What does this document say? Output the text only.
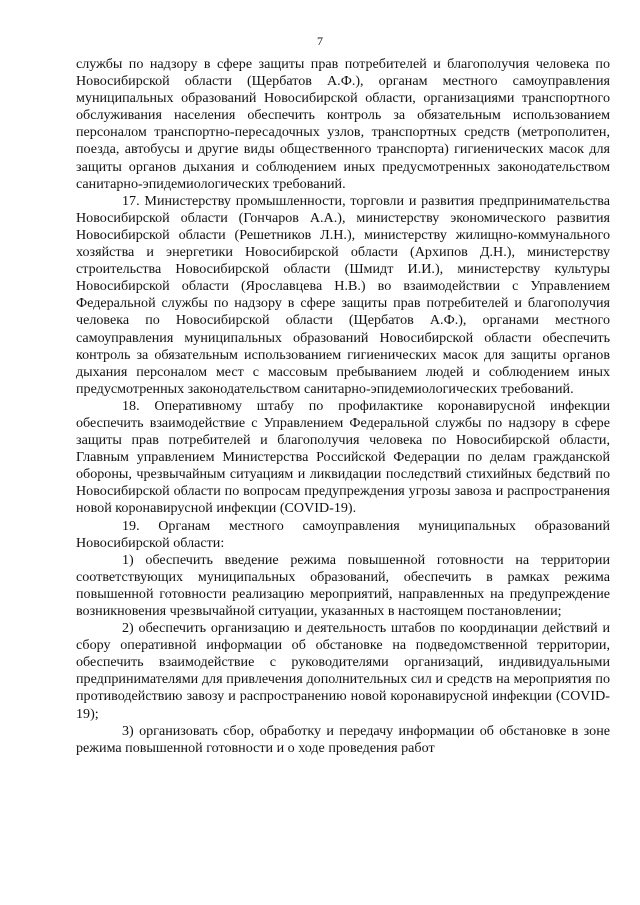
7

службы по надзору в сфере защиты прав потребителей и благополучия человека по Новосибирской области (Щербатов А.Ф.), органам местного самоуправления муниципальных образований Новосибирской области, организациями транспортного обслуживания населения обеспечить контроль за обязательным использованием персоналом транспортно-пересадочных узлов, транспортных средств (метрополитен, поезда, автобусы и другие виды общественного транспорта) гигиенических масок для защиты органов дыхания и соблюдением иных предусмотренных законодательством санитарно-эпидемиологических требований.

17. Министерству промышленности, торговли и развития предпринимательства Новосибирской области (Гончаров А.А.), министерству экономического развития Новосибирской области (Решетников Л.Н.), министерству жилищно-коммунального хозяйства и энергетики Новосибирской области (Архипов Д.Н.), министерству строительства Новосибирской области (Шмидт И.И.), министерству культуры Новосибирской области (Ярославцева Н.В.) во взаимодействии с Управлением Федеральной службы по надзору в сфере защиты прав потребителей и благополучия человека по Новосибирской области (Щербатов А.Ф.), органами местного самоуправления муниципальных образований Новосибирской области обеспечить контроль за обязательным использованием гигиенических масок для защиты органов дыхания персоналом мест с массовым пребыванием людей и соблюдением иных предусмотренных законодательством санитарно-эпидемиологических требований.

18. Оперативному штабу по профилактике коронавирусной инфекции обеспечить взаимодействие с Управлением Федеральной службы по надзору в сфере защиты прав потребителей и благополучия человека по Новосибирской области, Главным управлением Министерства Российской Федерации по делам гражданской обороны, чрезвычайным ситуациям и ликвидации последствий стихийных бедствий по Новосибирской области по вопросам предупреждения угрозы завоза и распространения новой коронавирусной инфекции (COVID-19).

19. Органам местного самоуправления муниципальных образований Новосибирской области:

1) обеспечить введение режима повышенной готовности на территории соответствующих муниципальных образований, обеспечить в рамках режима повышенной готовности реализацию мероприятий, направленных на предупреждение возникновения чрезвычайной ситуации, указанных в настоящем постановлении;

2) обеспечить организацию и деятельность штабов по координации действий и сбору оперативной информации об обстановке на подведомственной территории, обеспечить взаимодействие с руководителями организаций, индивидуальными предпринимателями для привлечения дополнительных сил и средств на мероприятия по противодействию завозу и распространению новой коронавирусной инфекции (COVID-19);

3) организовать сбор, обработку и передачу информации об обстановке в зоне режима повышенной готовности и о ходе проведения работ
